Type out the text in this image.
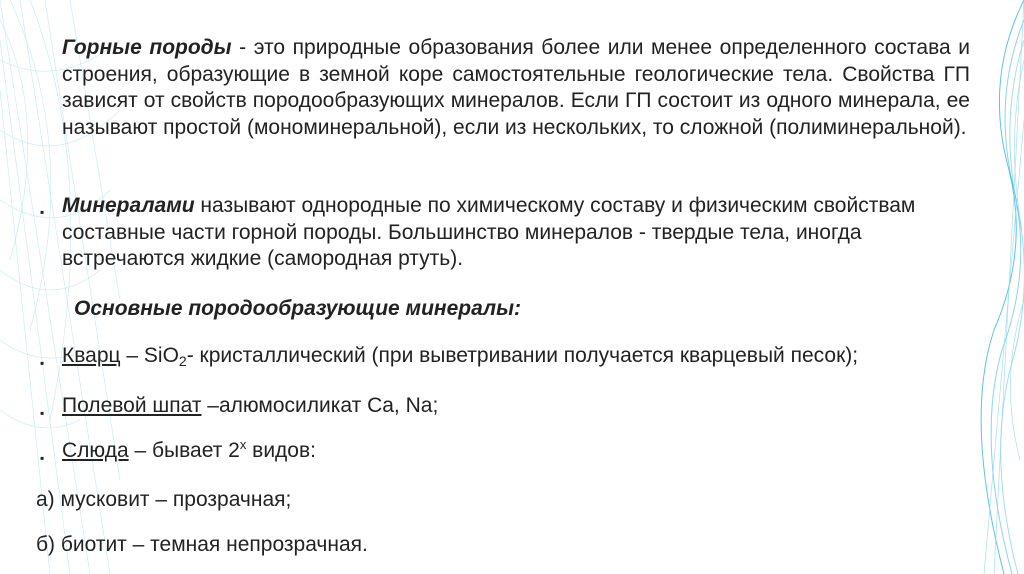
Горные породы - это природные образования более или менее определенного состава и строения, образующие в земной коре самостоятельные геологические тела. Свойства ГП зависят от свойств породообразующих минералов. Если ГП состоит из одного минерала, ее называют простой (мономинеральной), если из нескольких, то сложной (полиминеральной).

▪ Минералами называют однородные по химическому составу и физическим свойствам составные части горной породы. Большинство минералов - твердые тела, иногда встречаются жидкие (самородная ртуть).

Основные породообразующие минералы:

▪ Кварц – SiO$_2$- кристаллический (при выветривании получается кварцевый песок);

▪ Полевой шпат –алюмосиликат Ca, Na;

▪ Слюда – бывает $2^х$ видов:

а) мусковит – прозрачная;

б) биотит – темная непрозрачная.
